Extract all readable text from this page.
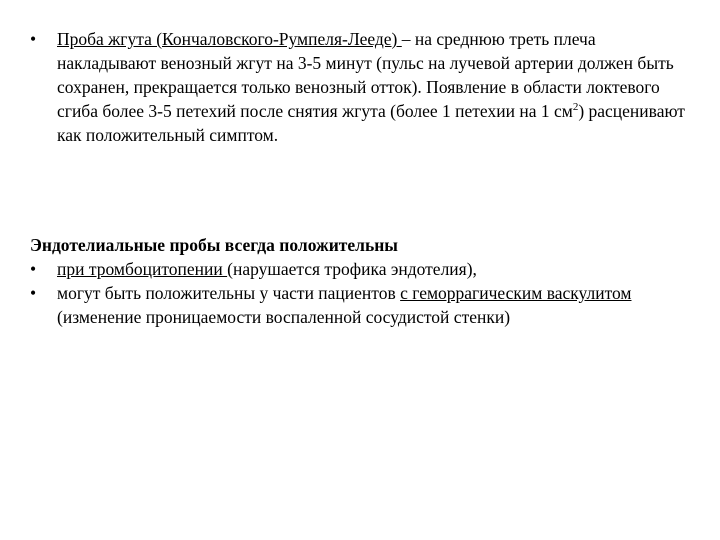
•	Проба жгута (Кончаловского-Румпеля-Лееде) – на среднюю треть плеча накладывают венозный жгут на 3-5 минут (пульс на лучевой артерии должен быть сохранен, прекращается только венозный отток). Появление в области локтевого сгиба более 3-5 петехий после снятия жгута (более 1 петехии на 1 $см^2$) расценивают как положительный симптом.
Эндотелиальные пробы всегда положительны
•	при тромбоцитопении (нарушается трофика эндотелия),
•	могут быть положительны у части пациентов с геморрагическим васкулитом (изменение проницаемости воспаленной сосудистой стенки)
